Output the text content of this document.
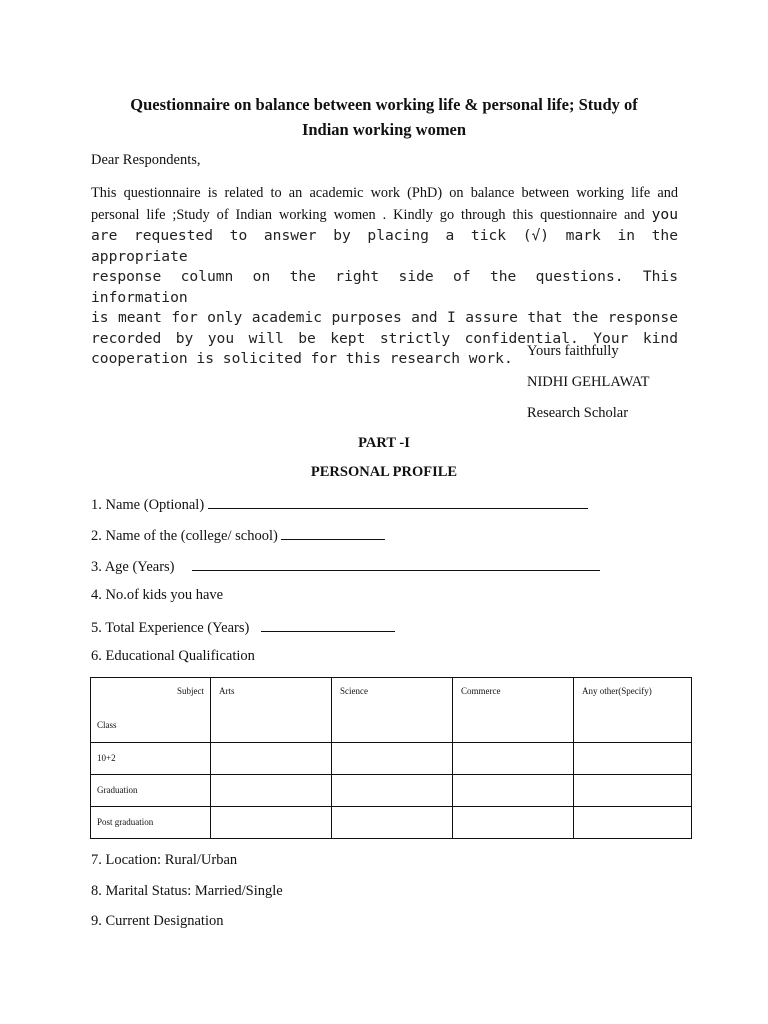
Questionnaire on balance between working life & personal life; Study of
Indian working women
Dear Respondents,
This questionnaire is related to an academic work (PhD) on balance between working life and
personal life ;Study of Indian working women . Kindly go through this questionnaire and you
are requested to answer by placing a tick (√) mark in the appropriate
response column on the right side of the questions. This information
is meant for only academic purposes and I assure that the response
recorded by you will be kept strictly confidential. Your kind
cooperation is solicited for this research work. Yours faithfully
NIDHI GEHLAWAT
Research Scholar
PART -I
PERSONAL PROFILE
1. Name (Optional)
2. Name of the (college/ school)
3. Age (Years)
4. No.of kids you have
5. Total Experience (Years)
6. Educational Qualification
Subject
Class	Arts	Science	Commerce	Any other(Specify)

10+2				

Graduation				

Post graduation				

7. Location: Rural/Urban
8. Marital Status: Married/Single
9. Current Designation
